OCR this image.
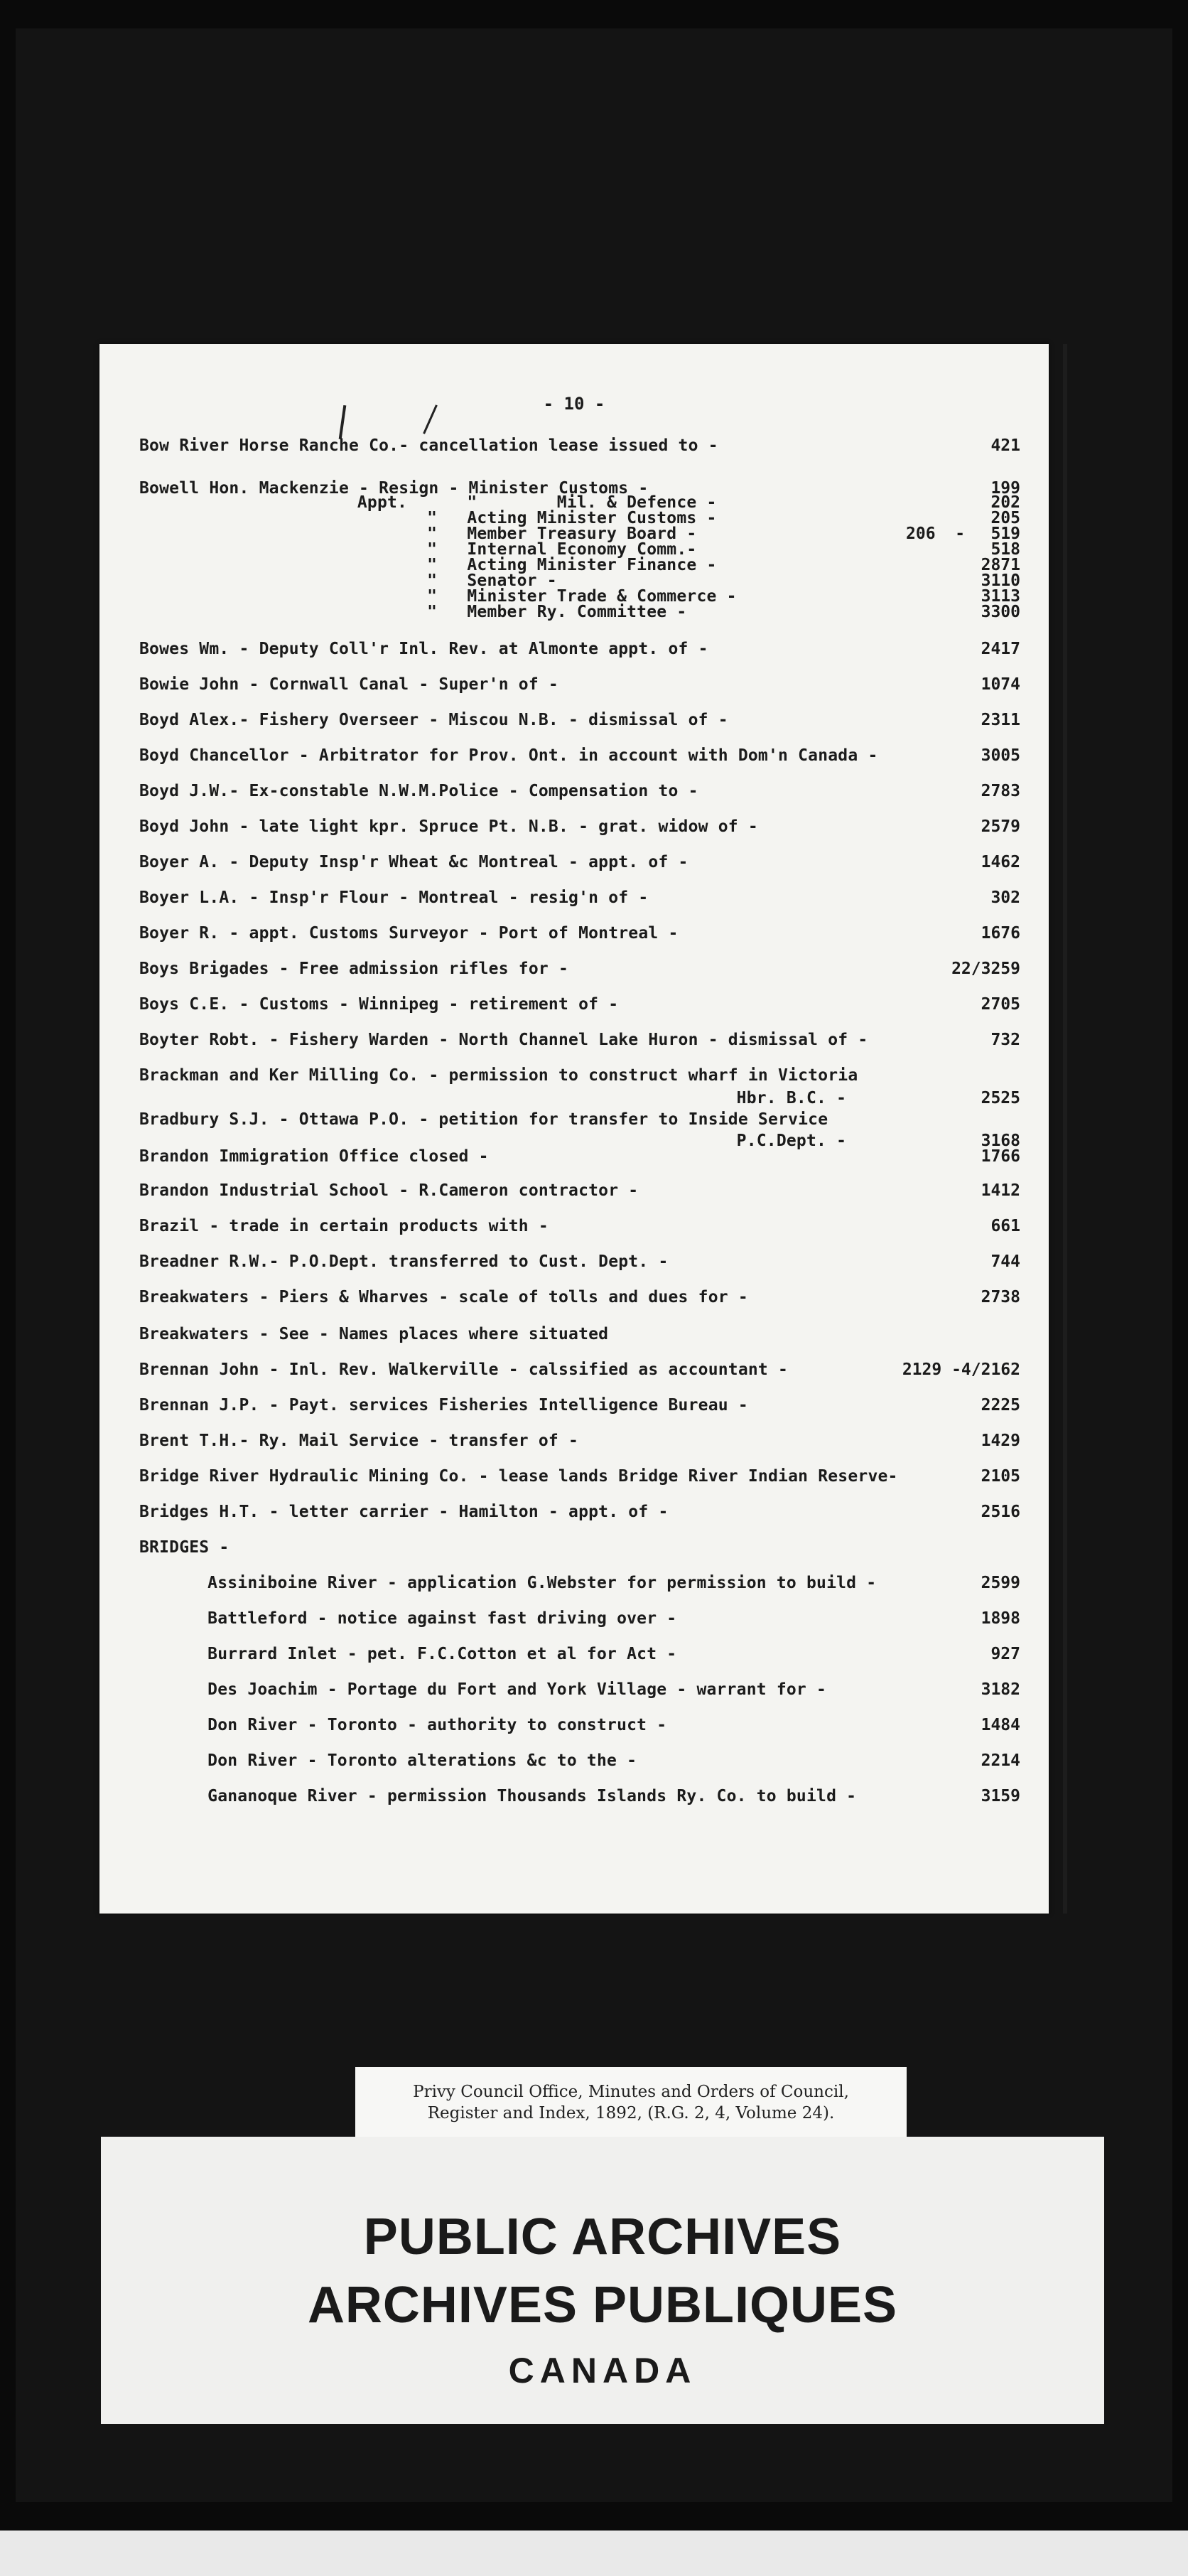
- 10 -
Bow River Horse Ranche Co.- cancellation lease issued to -	421
Bowell Hon. Mackenzie - Resign - Minister Customs -	199
Appt.      "        Mil. & Defence -	202
"   Acting Minister Customs -	205
"   Member Treasury Board -	206  -	519
"   Internal Economy Comm.-	518
"   Acting Minister Finance -	2871
"   Senator -	3110
"   Minister Trade & Commerce -	3113
"   Member Ry. Committee -	3300
Bowes Wm. - Deputy Coll'r Inl. Rev. at Almonte appt. of -	2417
Bowie John - Cornwall Canal - Super'n of -	1074
Boyd Alex.- Fishery Overseer - Miscou N.B. - dismissal of -	2311
Boyd Chancellor - Arbitrator for Prov. Ont. in account with Dom'n Canada -	3005
Boyd J.W.- Ex-constable N.W.M.Police - Compensation to -	2783
Boyd John - late light kpr. Spruce Pt. N.B. - grat. widow of -	2579
Boyer A. - Deputy Insp'r Wheat &c Montreal - appt. of -	1462
Boyer L.A. - Insp'r Flour - Montreal - resig'n of -	302
Boyer R. - appt. Customs Surveyor - Port of Montreal -	1676
Boys Brigades - Free admission rifles for -	22/3259
Boys C.E. - Customs - Winnipeg - retirement of -	2705
Boyter Robt. - Fishery Warden - North Channel Lake Huron - dismissal of -	732
Brackman and Ker Milling Co. - permission to construct wharf in Victoria
Hbr. B.C. -	2525
Bradbury S.J. - Ottawa P.O. - petition for transfer to Inside Service
P.C.Dept. -	3168
Brandon Immigration Office closed -	1766
Brandon Industrial School - R.Cameron contractor -	1412
Brazil - trade in certain products with -	661
Breadner R.W.- P.O.Dept. transferred to Cust. Dept. -	744
Breakwaters - Piers & Wharves - scale of tolls and dues for -	2738
Breakwaters - See - Names places where situated
Brennan John - Inl. Rev. Walkerville - calssified as accountant -	2129 -4/2162
Brennan J.P. - Payt. services Fisheries Intelligence Bureau -	2225
Brent T.H.- Ry. Mail Service - transfer of -	1429
Bridge River Hydraulic Mining Co. - lease lands Bridge River Indian Reserve-	2105
Bridges H.T. - letter carrier - Hamilton - appt. of -	2516
BRIDGES -
Assiniboine River - application G.Webster for permission to build -	2599
Battleford - notice against fast driving over -	1898
Burrard Inlet - pet. F.C.Cotton et al for Act -	927
Des Joachim - Portage du Fort and York Village - warrant for -	3182
Don River - Toronto - authority to construct -	1484
Don River - Toronto alterations &c to the -	2214
Gananoque River - permission Thousands Islands Ry. Co. to build -	3159
Privy Council Office, Minutes and Orders of Council,
Register and Index, 1892, (R.G. 2, 4, Volume 24).
PUBLIC ARCHIVES
ARCHIVES PUBLIQUES
CANADA
